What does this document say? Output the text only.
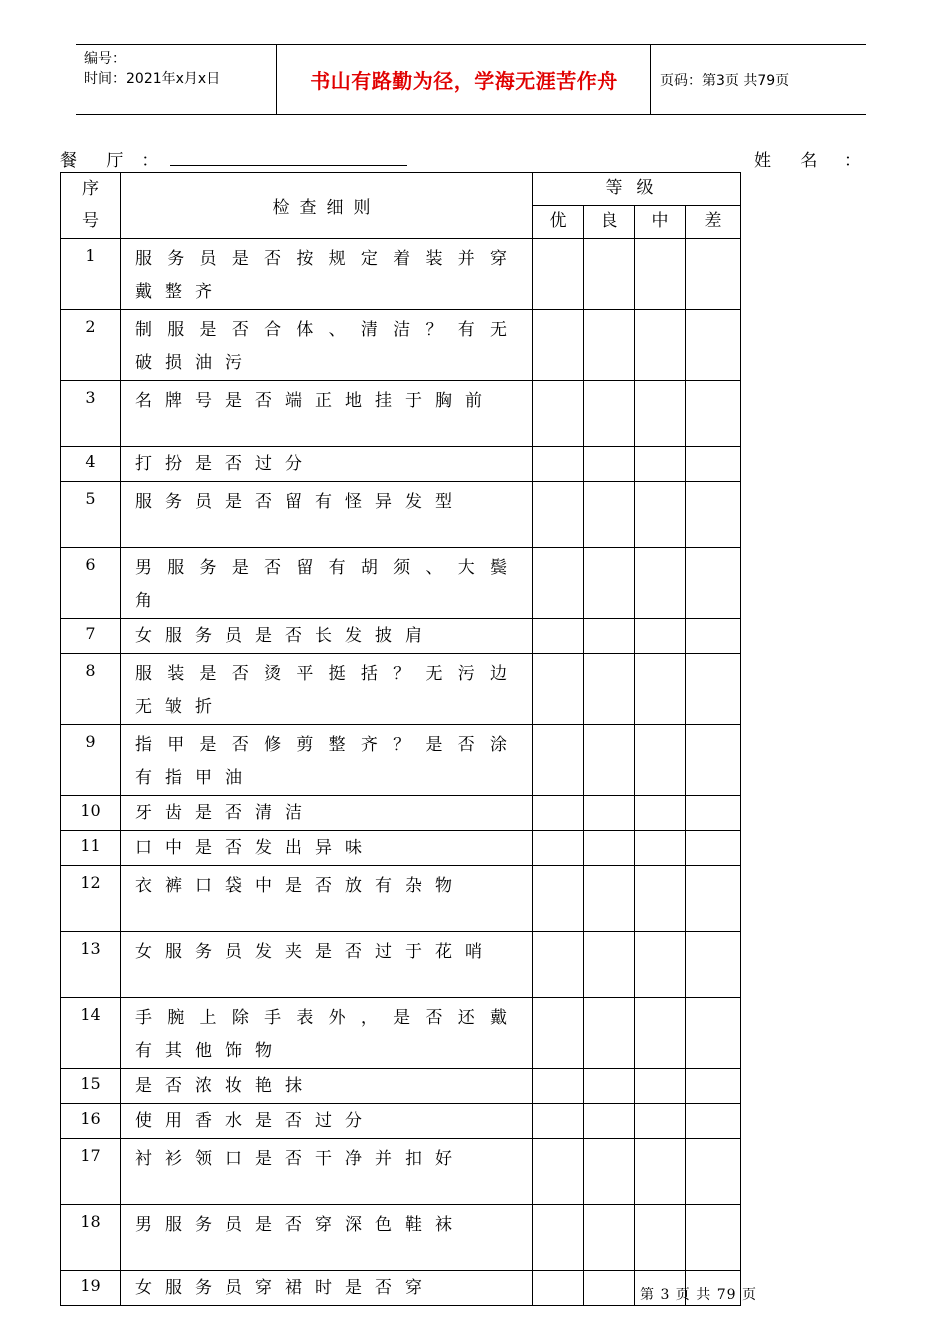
编号：
时间：2021年x月x日	书山有路勤为径，学海无涯苦作舟	页码：第3页 共79页
餐 厅 ：	姓 名 ：
序
号	检查细则	等级			
		优	良	中	差

1	服务员是否按规定着装并穿戴整齐				

2	制服是否合体、清洁？有无破损油污				

3	名牌号是否端正地挂于胸前				

4	打扮是否过分				

5	服务员是否留有怪异发型				

6	男服务是否留有胡须、大鬓角				

7	女服务员是否长发披肩				

8	服装是否烫平挺括？无污边无皱折				

9	指甲是否修剪整齐？是否涂有指甲油				

10	牙齿是否清洁				

11	口中是否发出异味				

12	衣裤口袋中是否放有杂物				

13	女服务员发夹是否过于花哨				

14	手腕上除手表外，是否还戴有其他饰物				

15	是否浓妆艳抹				

16	使用香水是否过分				

17	衬衫领口是否干净并扣好				

18	男服务员是否穿深色鞋袜				

19	女服务员穿裙时是否穿				
					第 3 页 共 79 页
